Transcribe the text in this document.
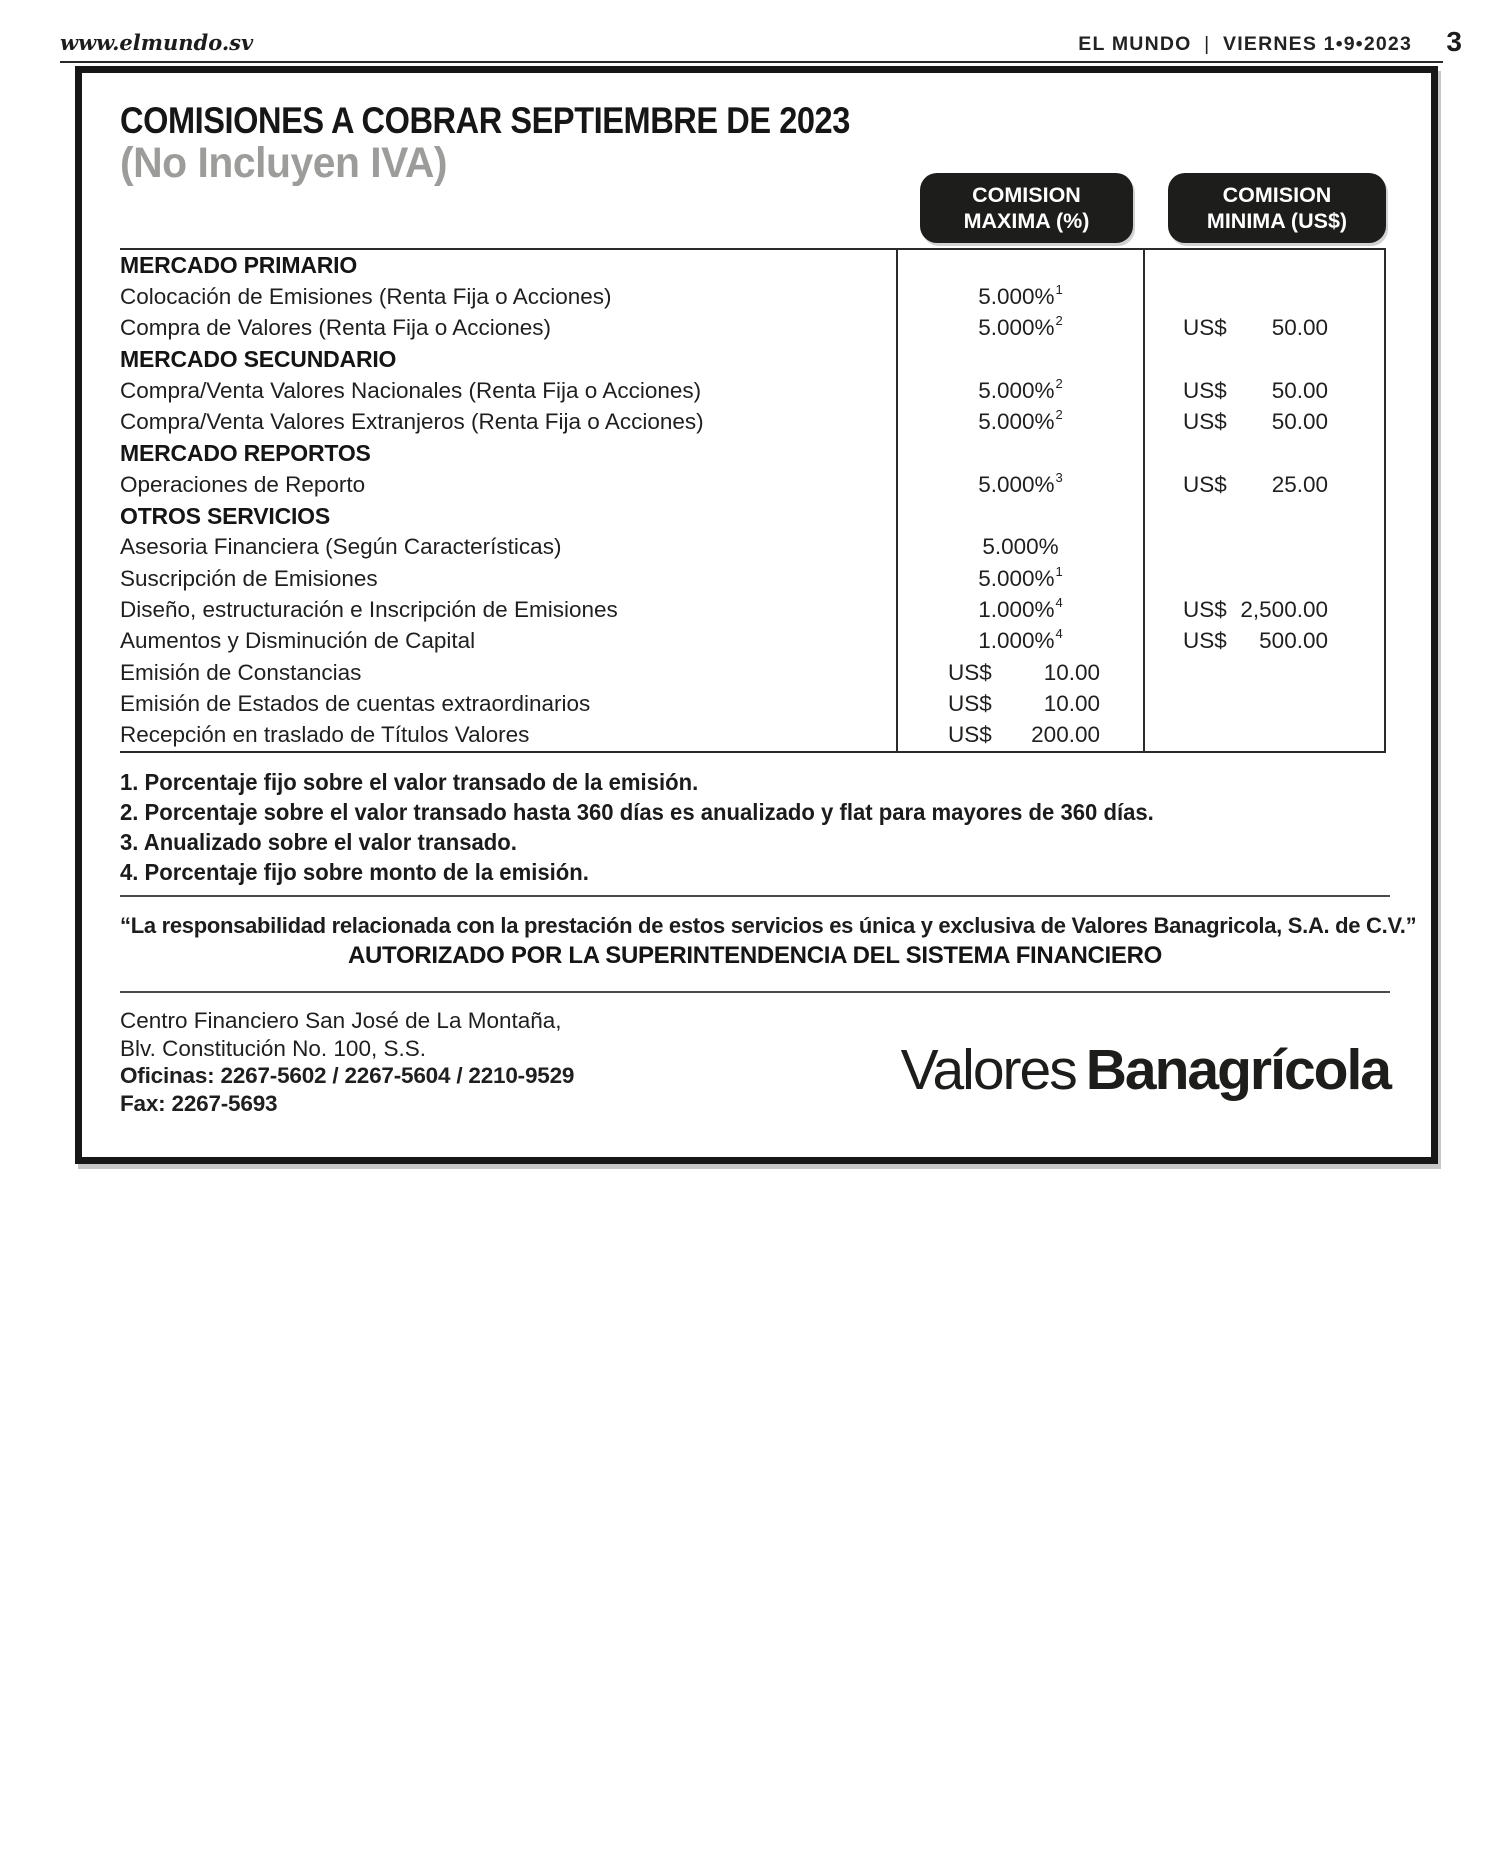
www.elmundo.sv	EL MUNDO | VIERNES 1•9•2023 3
COMISIONES A COBRAR SEPTIEMBRE DE 2023
(No Incluyen IVA)
COMISION
MAXIMA (%)
COMISION
MINIMA (US$)
MERCADO PRIMARIO
Colocación de Emisiones (Renta Fija o Acciones)	5.000%$^1$
Compra de Valores (Renta Fija o Acciones)	5.000%$^2$	US$ 50.00
MERCADO SECUNDARIO
Compra/Venta Valores Nacionales (Renta Fija o Acciones)	5.000%$^2$	US$ 50.00
Compra/Venta Valores Extranjeros (Renta Fija o Acciones)	5.000%$^2$	US$ 50.00
MERCADO REPORTOS
Operaciones de Reporto	5.000%$^3$	US$ 25.00
OTROS SERVICIOS
Asesoria Financiera (Según Características)	5.000%
Suscripción de Emisiones	5.000%$^1$
Diseño, estructuración e Inscripción de Emisiones	1.000%$^4$	US$ 2,500.00
Aumentos y Disminución de Capital	1.000%$^4$	US$ 500.00
Emisión de Constancias	US$ 10.00
Emisión de Estados de cuentas extraordinarios	US$ 10.00
Recepción en traslado de Títulos Valores	US$ 200.00
1. Porcentaje fijo sobre el valor transado de la emisión.
2. Porcentaje sobre el valor transado hasta 360 días es anualizado y flat para mayores de 360 días.
3. Anualizado sobre el valor transado.
4. Porcentaje fijo sobre monto de la emisión.
“La responsabilidad relacionada con la prestación de estos servicios es única y exclusiva de Valores Banagricola, S.A. de C.V.”
AUTORIZADO POR LA SUPERINTENDENCIA DEL SISTEMA FINANCIERO
Centro Financiero San José de La Montaña,
Blv. Constitución No. 100, S.S.
Oficinas: 2267-5602 / 2267-5604 / 2210-9529
Fax: 2267-5693
Valores Banagrícola
